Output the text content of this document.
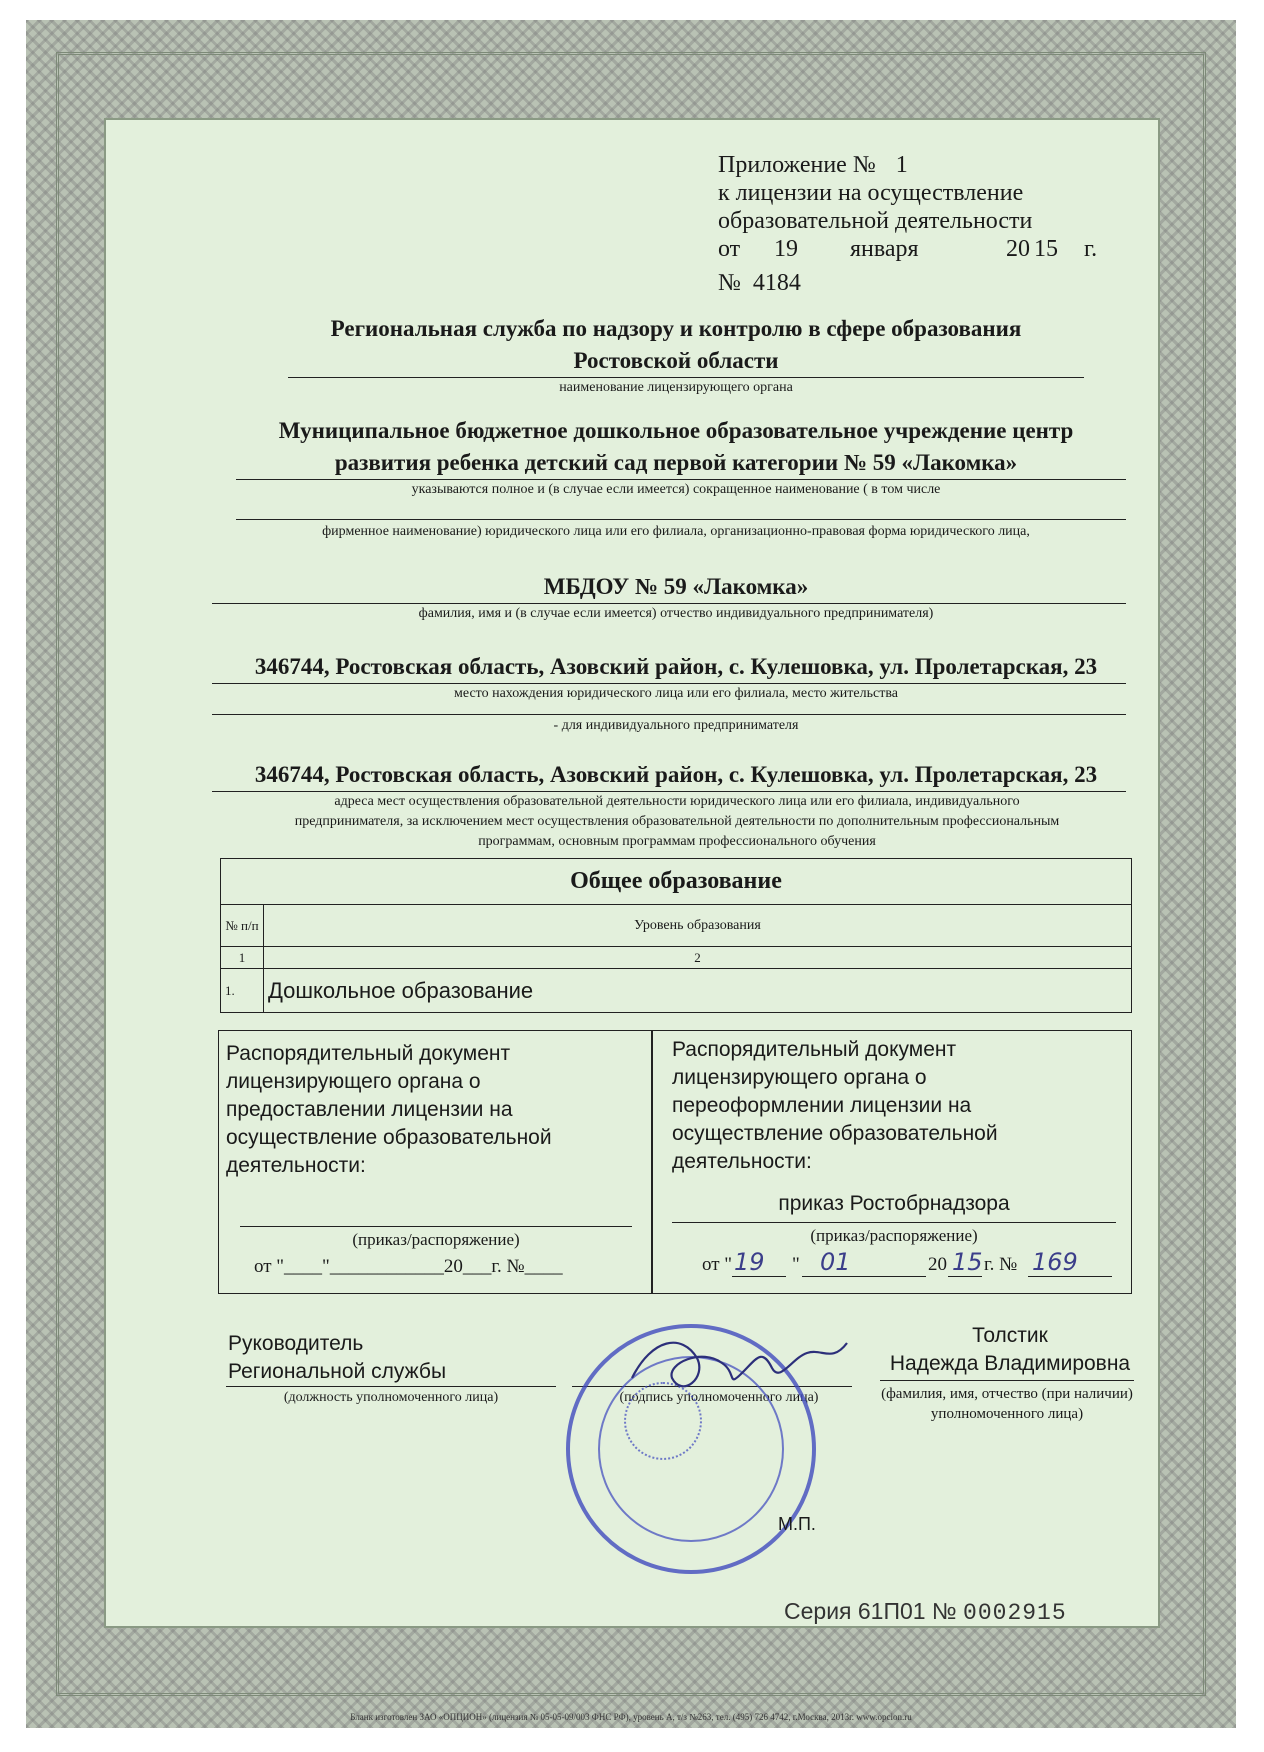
Приложение № 1
к лицензии на осуществление
образовательной деятельности
от 19 января	20 15 г.
№ 4184
Региональная служба по надзору и контролю в сфере образования
Ростовской области
наименование лицензирующего органа
Муниципальное бюджетное дошкольное образовательное учреждение центр
развития ребенка детский сад первой категории № 59 «Лакомка»
указываются полное и (в случае если имеется) сокращенное наименование ( в том числе
фирменное наименование) юридического лица или его филиала, организационно-правовая форма юридического лица,
МБДОУ № 59 «Лакомка»
фамилия, имя и (в случае если имеется) отчество индивидуального предпринимателя)
346744, Ростовская область, Азовский район, с. Кулешовка, ул. Пролетарская, 23
место нахождения юридического лица или его филиала, место жительства
- для индивидуального предпринимателя
346744, Ростовская область, Азовский район, с. Кулешовка, ул. Пролетарская, 23
адреса мест осуществления образовательной деятельности юридического лица или его филиала, индивидуального
предпринимателя, за исключением мест осуществления образовательной деятельности по дополнительным профессиональным
программам, основным программам профессионального обучения
Общее образование	
№ п/п	Уровень образования
1	2
1.	Дошкольное образование
Распорядительный документ лицензирующего органа о предоставлении лицензии на осуществление образовательной деятельности:
(приказ/распоряжение)
от "____"____________20___г. №____
Распорядительный документ лицензирующего органа о переоформлении лицензии на осуществление образовательной деятельности:
приказ Ростобрнадзора
(приказ/распоряжение)
от " 19 " 01	20 15 г. № 169
Руководитель
Региональной службы
(должность уполномоченного лица)	(подпись уполномоченного лица)
Толстик
Надежда Владимировна
(фамилия, имя, отчество (при наличии) уполномоченного лица)
М.П.
Серия 61П01 № 0002915
Бланк изготовлен ЗАО «ОПЦИОН» (лицензия № 05-05-09/003 ФНС РФ), уровень А, т/з №263, тел. (495) 726 4742, г.Москва, 2013г. www.opcion.ru
